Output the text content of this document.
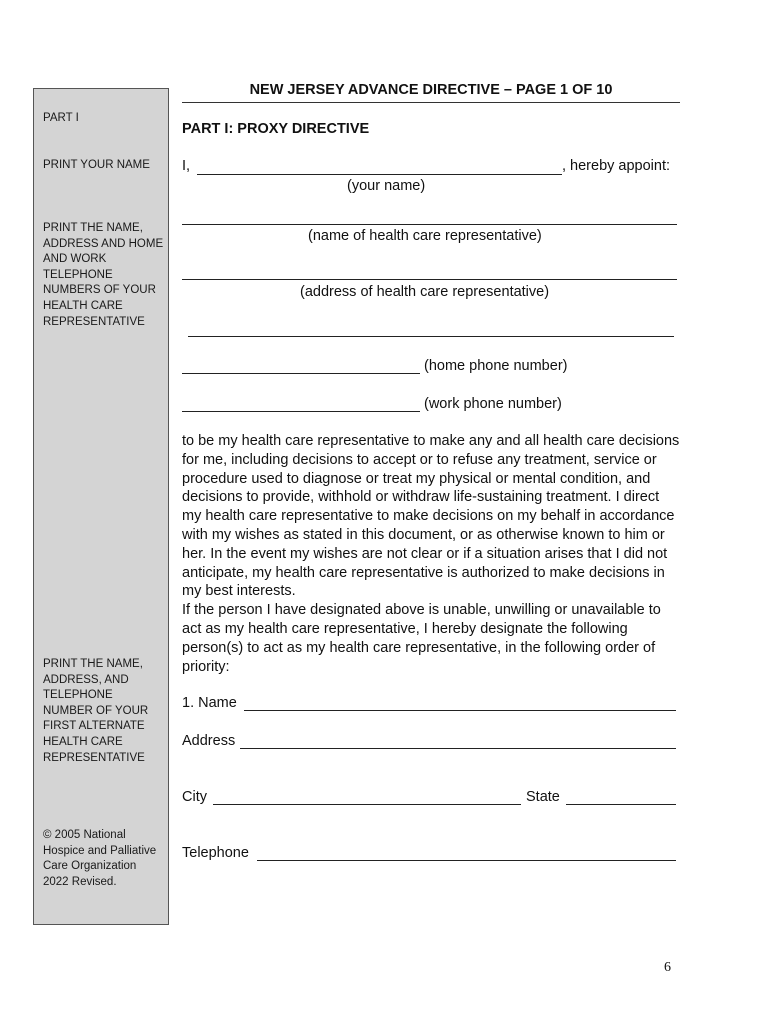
PART I
PRINT YOUR NAME
PRINT THE NAME, ADDRESS AND HOME AND WORK TELEPHONE NUMBERS OF YOUR HEALTH CARE REPRESENTATIVE
PRINT THE NAME, ADDRESS, AND TELEPHONE NUMBER OF YOUR FIRST ALTERNATE HEALTH CARE REPRESENTATIVE
© 2005 National Hospice and Palliative Care Organization 2022 Revised.
NEW JERSEY ADVANCE DIRECTIVE – PAGE 1 OF 10
PART I: PROXY DIRECTIVE
I,	, hereby appoint:
(your name)
(name of health care representative)
(address of health care representative)
(home phone number)
(work phone number)

to be my health care representative to make any and all health care decisions for me, including decisions to accept or to refuse any treatment, service or procedure used to diagnose or treat my physical or mental condition, and decisions to provide, withhold or withdraw life-sustaining treatment. I direct my health care representative to make decisions on my behalf in accordance with my wishes as stated in this document, or as otherwise known to him or her. In the event my wishes are not clear or if a situation arises that I did not anticipate, my health care representative is authorized to make decisions in my best interests.

If the person I have designated above is unable, unwilling or unavailable to act as my health care representative, I hereby designate the following person(s) to act as my health care representative, in the following order of priority:

1. Name
Address
City	State
Telephone
6
